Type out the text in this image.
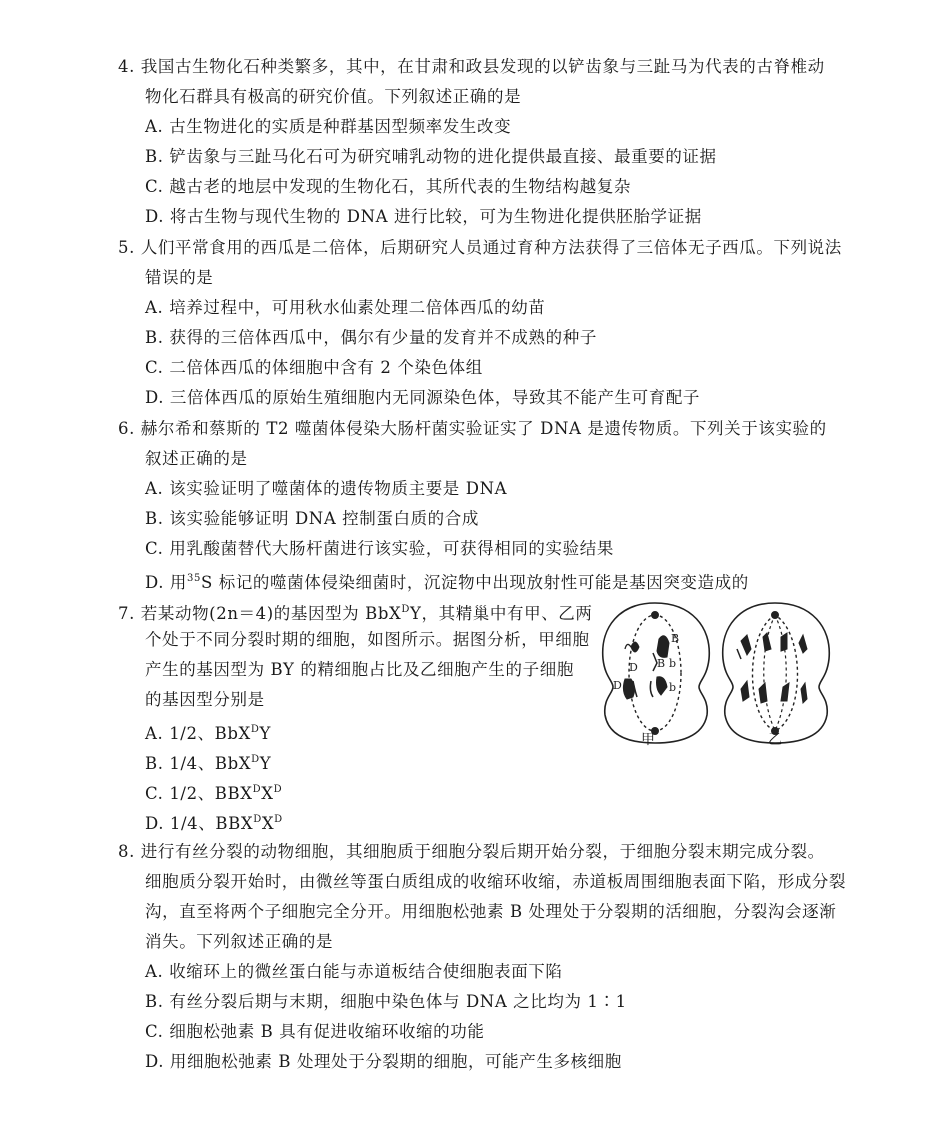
4. 我国古生物化石种类繁多，其中，在甘肃和政县发现的以铲齿象与三趾马为代表的古脊椎动
物化石群具有极高的研究价值。下列叙述正确的是
A. 古生物进化的实质是种群基因型频率发生改变
B. 铲齿象与三趾马化石可为研究哺乳动物的进化提供最直接、最重要的证据
C. 越古老的地层中发现的生物化石，其所代表的生物结构越复杂
D. 将古生物与现代生物的 DNA 进行比较，可为生物进化提供胚胎学证据
5. 人们平常食用的西瓜是二倍体，后期研究人员通过育种方法获得了三倍体无子西瓜。下列说法
错误的是
A. 培养过程中，可用秋水仙素处理二倍体西瓜的幼苗
B. 获得的三倍体西瓜中，偶尔有少量的发育并不成熟的种子
C. 二倍体西瓜的体细胞中含有 2 个染色体组
D. 三倍体西瓜的原始生殖细胞内无同源染色体，导致其不能产生可育配子
6. 赫尔希和蔡斯的 T2 噬菌体侵染大肠杆菌实验证实了 DNA 是遗传物质。下列关于该实验的
叙述正确的是
A. 该实验证明了噬菌体的遗传物质主要是 DNA
B. 该实验能够证明 DNA 控制蛋白质的合成
C. 用乳酸菌替代大肠杆菌进行该实验，可获得相同的实验结果
D. 用$^{35}$S 标记的噬菌体侵染细菌时，沉淀物中出现放射性可能是基因突变造成的
7. 若某动物(2n＝4)的基因型为 BbX$^D$Y，其精巢中有甲、乙两
个处于不同分裂时期的细胞，如图所示。据图分析，甲细胞
产生的基因型为 BY 的精细胞占比及乙细胞产生的子细胞
的基因型分别是
A. 1/2、BbX$^D$Y
B. 1/4、BbX$^D$Y
C. 1/2、$BBX^DX^D$
D. 1/4、$BBX^DX^D$
B
D B b
D	b
甲	乙
8. 进行有丝分裂的动物细胞，其细胞质于细胞分裂后期开始分裂，于细胞分裂末期完成分裂。
细胞质分裂开始时，由微丝等蛋白质组成的收缩环收缩，赤道板周围细胞表面下陷，形成分裂
沟，直至将两个子细胞完全分开。用细胞松弛素 B 处理处于分裂期的活细胞，分裂沟会逐渐
消失。下列叙述正确的是
A. 收缩环上的微丝蛋白能与赤道板结合使细胞表面下陷
B. 有丝分裂后期与末期，细胞中染色体与 DNA 之比均为 1∶1
C. 细胞松弛素 B 具有促进收缩环收缩的功能
D. 用细胞松弛素 B 处理处于分裂期的细胞，可能产生多核细胞
